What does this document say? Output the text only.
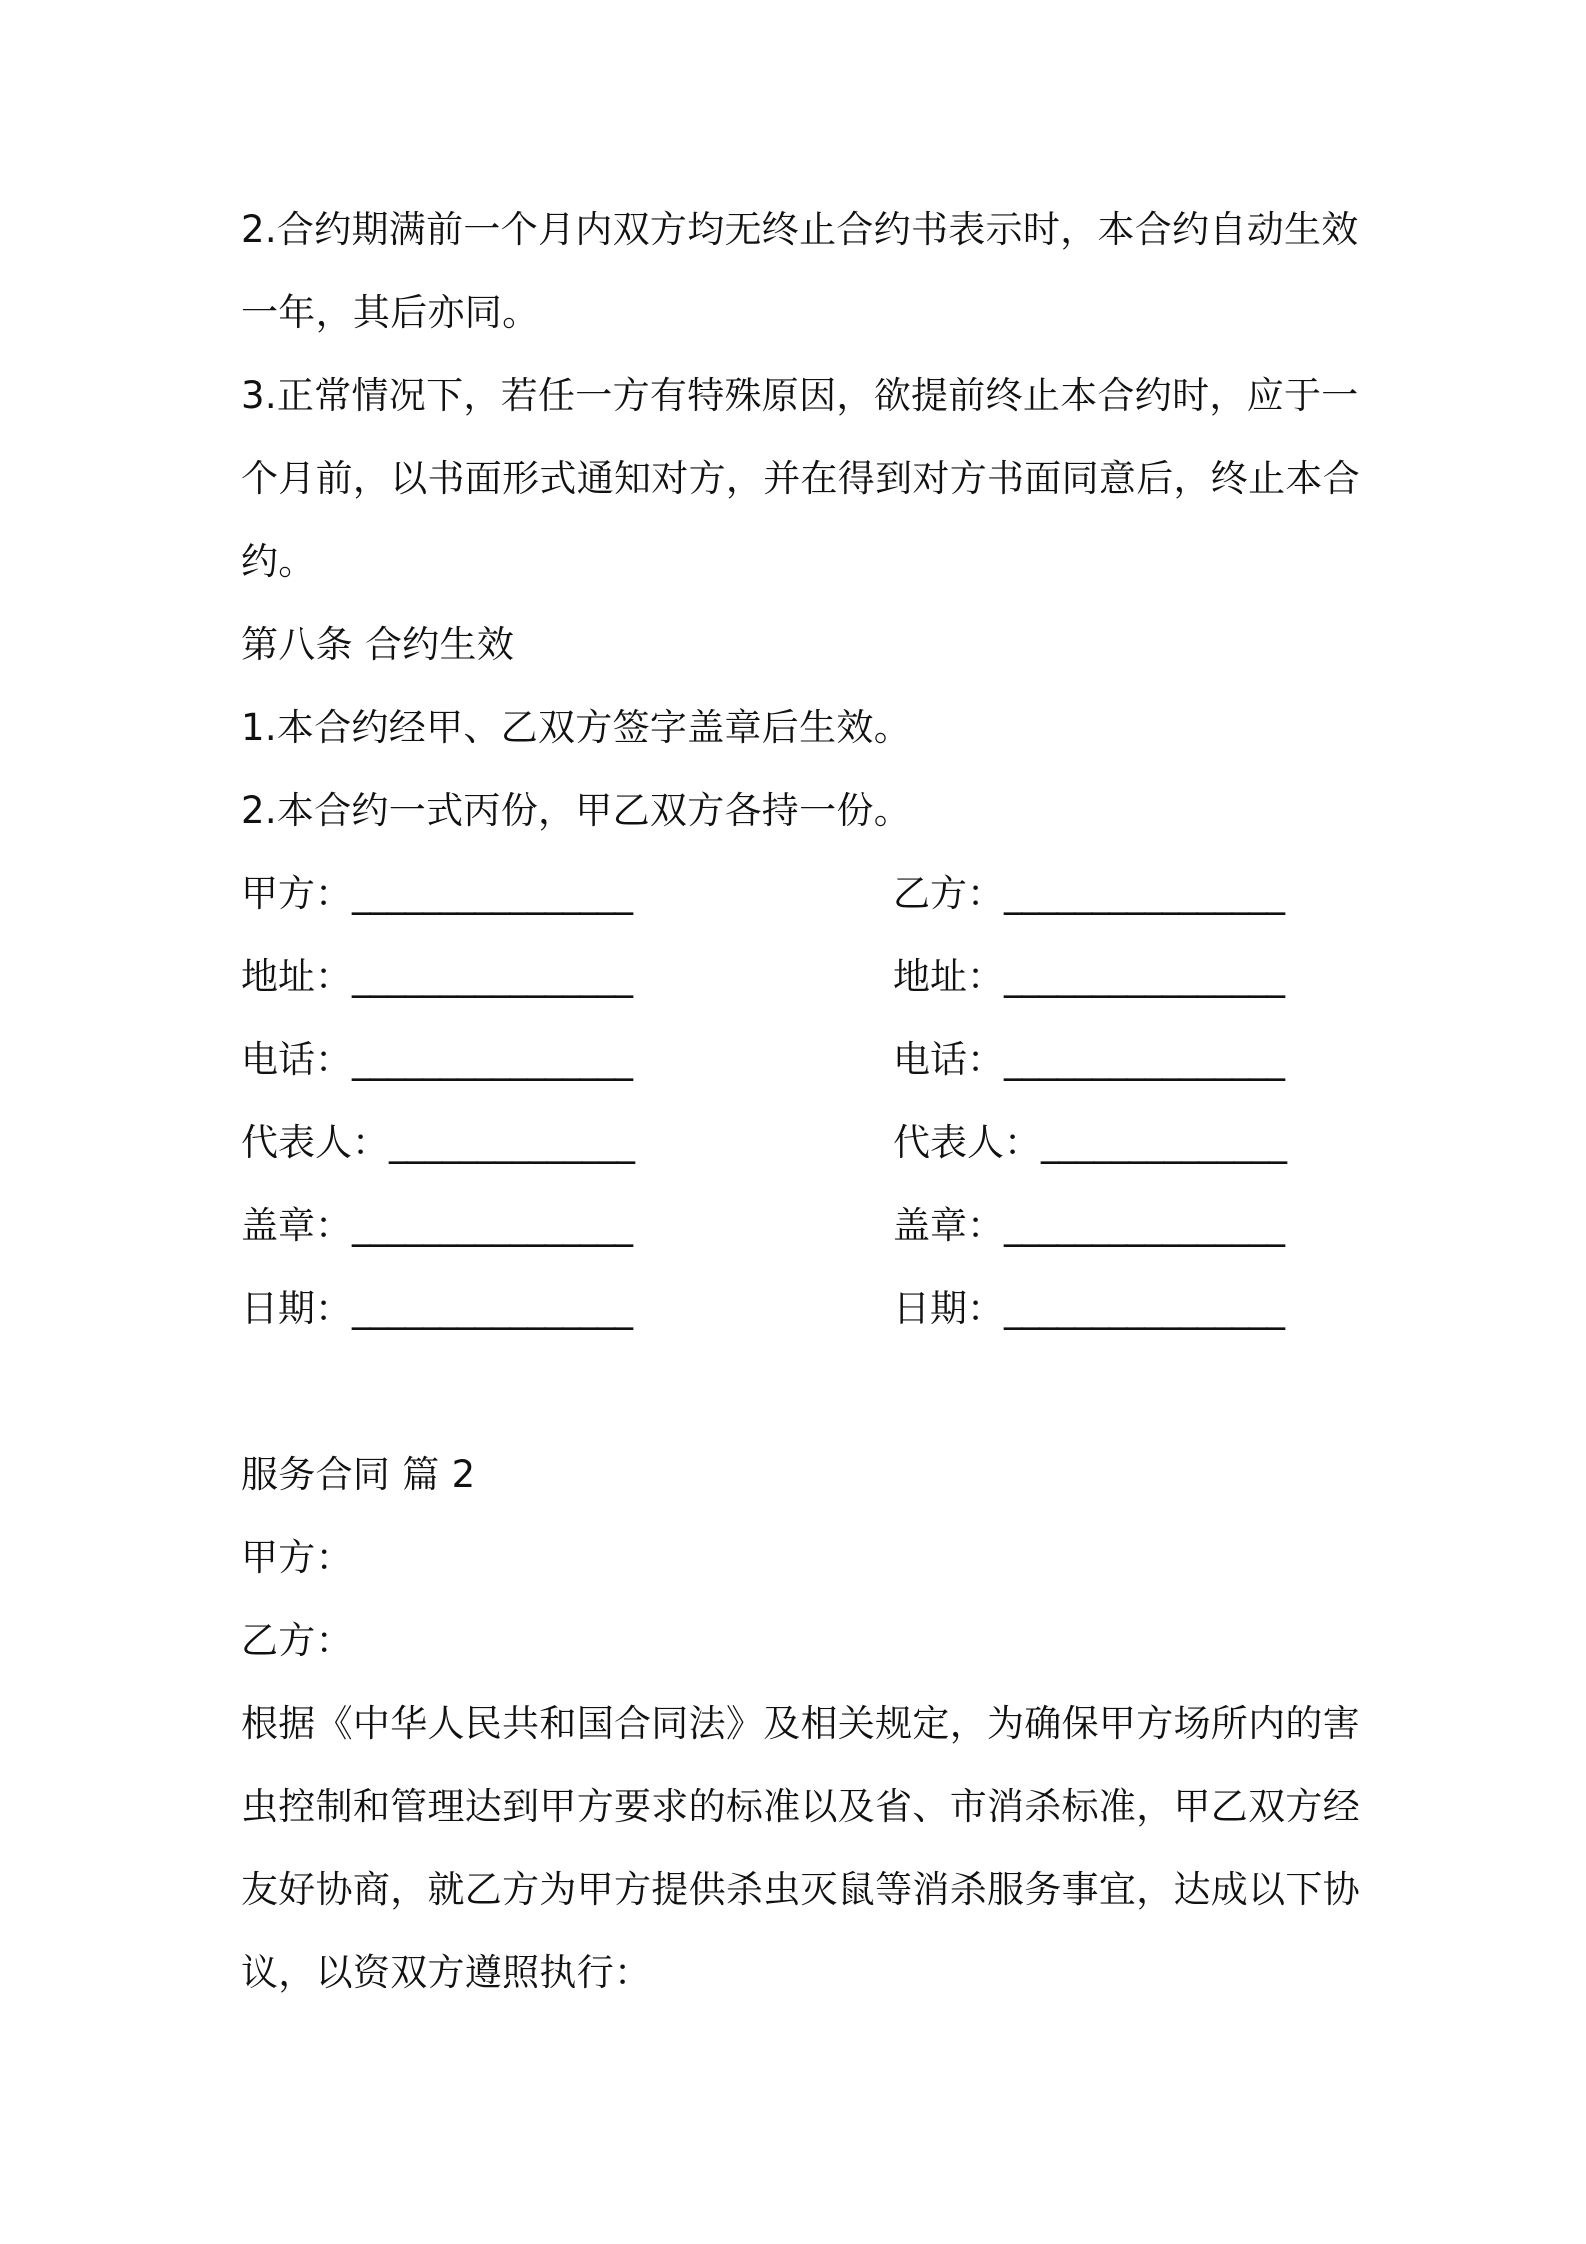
2.合约期满前一个月内双方均无终止合约书表示时，本合约自动生效
一年，其后亦同。
3.正常情况下，若任一方有特殊原因，欲提前终止本合约时，应于一
个月前，以书面形式通知对方，并在得到对方书面同意后，终止本合
约。
第八条 合约生效
1.本合约经甲、乙双方签字盖章后生效。
2.本合约一式丙份，甲乙双方各持一份。
甲方：________________
地址：________________
电话：________________
代表人：______________
盖章：________________
日期：________________
乙方：________________
地址：________________
电话：________________
代表人：______________
盖章：________________
日期：________________
服务合同 篇 2
甲方：
乙方：
根据《中华人民共和国合同法》及相关规定，为确保甲方场所内的害
虫控制和管理达到甲方要求的标准以及省、市消杀标准，甲乙双方经
友好协商，就乙方为甲方提供杀虫灭鼠等消杀服务事宜，达成以下协
议，以资双方遵照执行：
